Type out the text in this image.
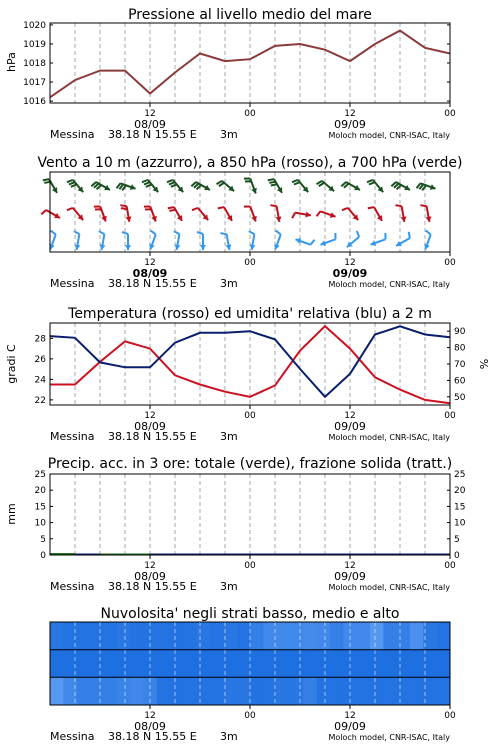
Pressione al livello medio del mare
hPa
1016
1017
1018
1019
1020
12	00	12	00
08/09	09/09
Messina 38.18 N 15.55 E 3m	Moloch model, CNR-ISAC, Italy
Vento a 10 m (azzurro), a 850 hPa (rosso), a 700 hPa (verde)
12	00	12	00
08/09	09/09
Messina 38.18 N 15.55 E 3m	Moloch model, CNR-ISAC, Italy
Temperatura (rosso) ed umidita' relativa (blu) a 2 m
gradi C	%
22
24
26
28
50
60
70
80
90
12	00	12	00
08/09	09/09
Messina 38.18 N 15.55 E 3m	Moloch model, CNR-ISAC, Italy
Precip. acc. in 3 ore: totale (verde), frazione solida (tratt.)
mm
0	0
5	5
10	10
15	15
20	20
25	25
12	00	12	00
08/09	09/09
Messina 38.18 N 15.55 E 3m	Moloch model, CNR-ISAC, Italy
Nuvolosita' negli strati basso, medio e alto
12	00	12	00
08/09	09/09
Messina 38.18 N 15.55 E 3m	Moloch model, CNR-ISAC, Italy
